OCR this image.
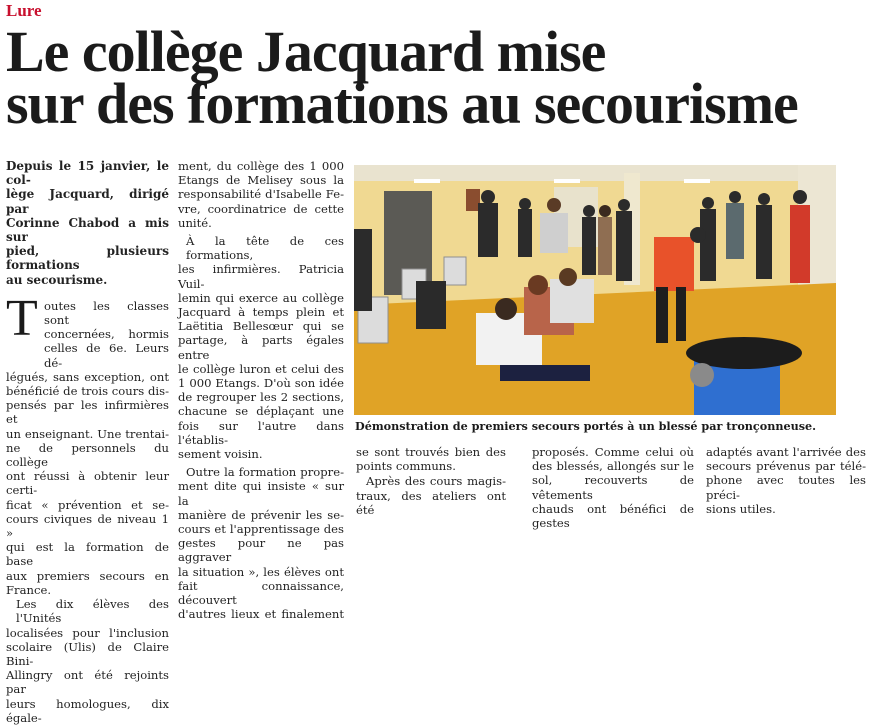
Lure
Le collège Jacquard mise
sur des formations au secourisme
Depuis le 15 janvier, le col-
lège Jacquard, dirigé par
Corinne Chabod a mis sur
pied, plusieurs formations
au secourisme.
T outes les classes sont
concernées, hormis
celles de 6e. Leurs dé-
légués, sans exception, ont
bénéficié de trois cours dis-
pensés par les infirmières et
un enseignant. Une trentai-
ne de personnels du collège
ont réussi à obtenir leur certi-
ficat « prévention et se-
cours civiques de niveau 1 »
qui est la formation de base
aux premiers secours en
France.
Les dix élèves des l'Unités
localisées pour l'inclusion
scolaire (Ulis) de Claire Bini-
Allingry ont été rejoints par
leurs homologues, dix égale-
ment, du collège des 1 000
Etangs de Melisey sous la
responsabilité d'Isabelle Fe-
vre, coordinatrice de cette
unité.
À la tête de ces formations,
les infirmières. Patricia Vuil-
lemin qui exerce au collège
Jacquard à temps plein et
Laëtitia Bellesœur qui se
partage, à parts égales entre
le collège luron et celui des
1 000 Etangs. D'où son idée
de regrouper les 2 sections,
chacune se déplaçant une
fois sur l'autre dans l'établis-
sement voisin.
Outre la formation propre-
ment dite qui insiste « sur la
manière de prévenir les se-
cours et l'apprentissage des
gestes pour ne pas aggraver
la situation », les élèves ont
fait connaissance, découvert
d'autres lieux et finalement
Démonstration de premiers secours portés à un blessé par tronçonneuse.
se sont trouvés bien des
points communs.
Après des cours magis-
traux, des ateliers ont été
proposés. Comme celui où
des blessés, allongés sur le
sol, recouverts de vêtements
chauds ont bénéfici de gestes
adaptés avant l'arrivée des
secours prévenus par télé-
phone avec toutes les préci-
sions utiles.
